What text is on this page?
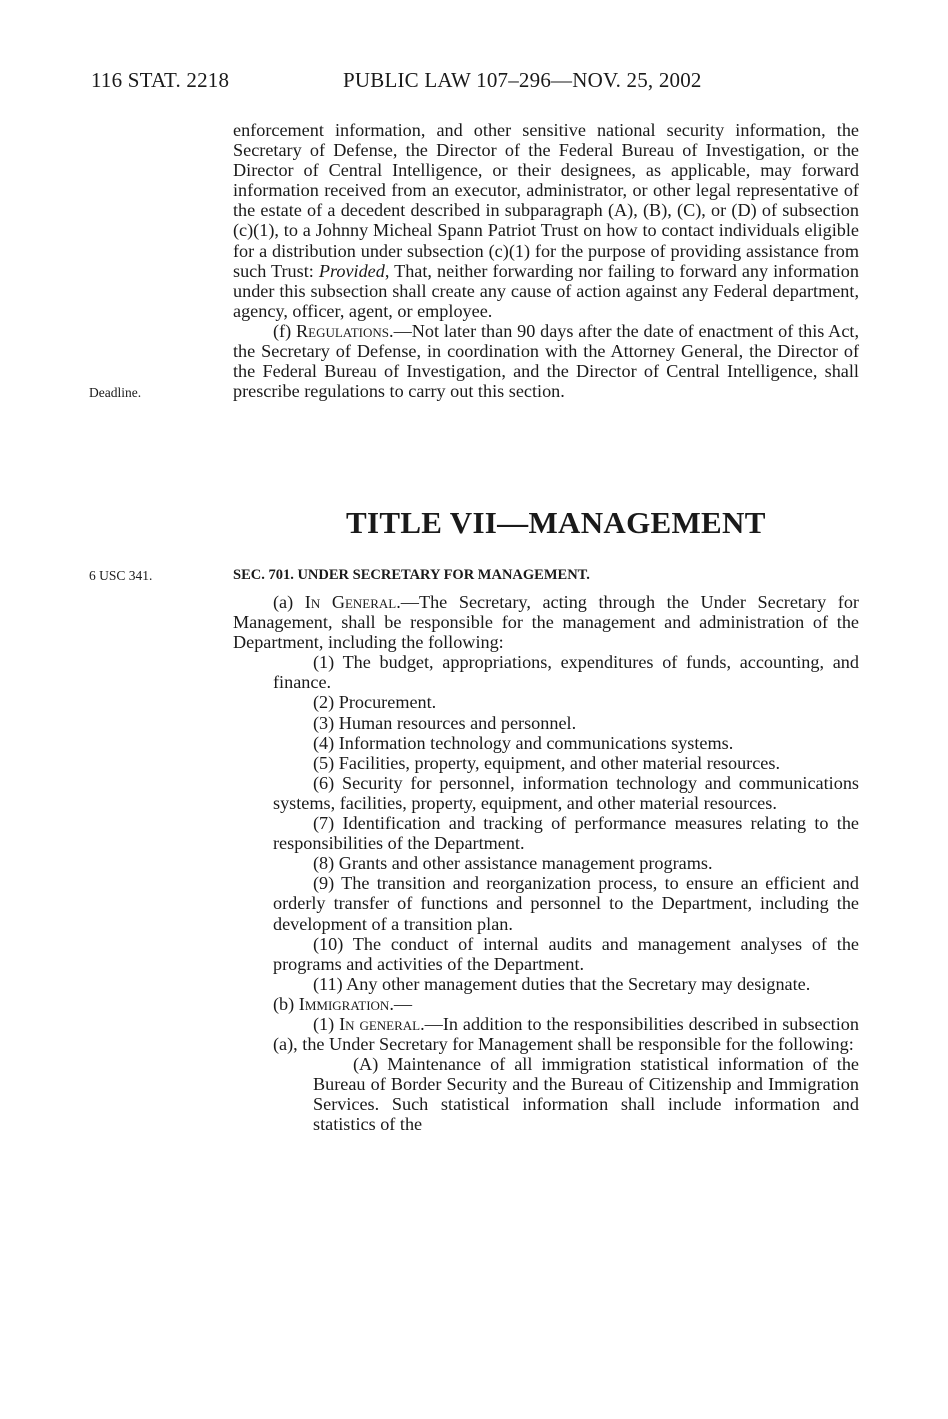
116 STAT. 2218	PUBLIC LAW 107–296—NOV. 25, 2002
Deadline.
6 USC 341.

enforcement information, and other sensitive national security information, the Secretary of Defense, the Director of the Federal Bureau of Investigation, or the Director of Central Intelligence, or their designees, as applicable, may forward information received from an executor, administrator, or other legal representative of the estate of a decedent described in subparagraph (A), (B), (C), or (D) of subsection (c)(1), to a Johnny Micheal Spann Patriot Trust on how to contact individuals eligible for a distribution under subsection (c)(1) for the purpose of providing assistance from such Trust: Provided, That, neither forwarding nor failing to forward any information under this subsection shall create any cause of action against any Federal department, agency, officer, agent, or employee.

(f) Regulations.—Not later than 90 days after the date of enactment of this Act, the Secretary of Defense, in coordination with the Attorney General, the Director of the Federal Bureau of Investigation, and the Director of Central Intelligence, shall prescribe regulations to carry out this section.

TITLE VII—MANAGEMENT
SEC. 701. UNDER SECRETARY FOR MANAGEMENT.

(a) In General.—The Secretary, acting through the Under Secretary for Management, shall be responsible for the management and administration of the Department, including the following:

(1) The budget, appropriations, expenditures of funds, accounting, and finance.

(2) Procurement.

(3) Human resources and personnel.

(4) Information technology and communications systems.

(5) Facilities, property, equipment, and other material resources.

(6) Security for personnel, information technology and communications systems, facilities, property, equipment, and other material resources.

(7) Identification and tracking of performance measures relating to the responsibilities of the Department.

(8) Grants and other assistance management programs.

(9) The transition and reorganization process, to ensure an efficient and orderly transfer of functions and personnel to the Department, including the development of a transition plan.

(10) The conduct of internal audits and management analyses of the programs and activities of the Department.

(11) Any other management duties that the Secretary may designate.

(b) Immigration.—

(1) In general.—In addition to the responsibilities described in subsection (a), the Under Secretary for Management shall be responsible for the following:

(A) Maintenance of all immigration statistical information of the Bureau of Border Security and the Bureau of Citizenship and Immigration Services. Such statistical information shall include information and statistics of the
